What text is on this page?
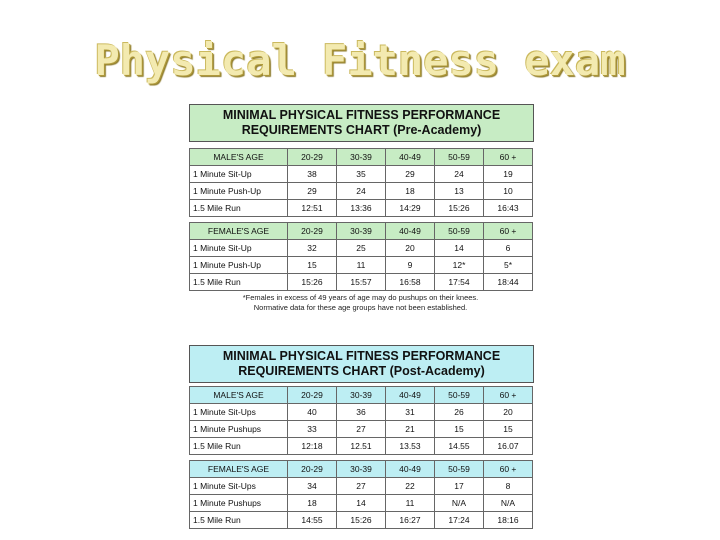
Physical Fitness exam
MINIMAL PHYSICAL FITNESS PERFORMANCE
REQUIREMENTS CHART (Pre-Academy)
MALE'S AGE	20-29	30-39	40-49	50-59	60 +
1 Minute Sit-Up	38	35	29	24	19
1 Minute Push-Up	29	24	18	13	10
1.5 Mile Run	12:51	13:36	14:29	15:26	16:43
FEMALE'S AGE	20-29	30-39	40-49	50-59	60 +
1 Minute Sit-Up	32	25	20	14	6
1 Minute Push-Up	15	11	9	12*	5*
1.5 Mile Run	15:26	15:57	16:58	17:54	18:44
*Females in excess of 49 years of age may do pushups on their knees.
Normative data for these age groups have not been established.
MINIMAL PHYSICAL FITNESS PERFORMANCE
REQUIREMENTS CHART (Post-Academy)
MALE'S AGE	20-29	30-39	40-49	50-59	60 +
1 Minute Sit-Ups	40	36	31	26	20
1 Minute Pushups	33	27	21	15	15
1.5 Mile Run	12:18	12.51	13.53	14.55	16.07
FEMALE'S AGE	20-29	30-39	40-49	50-59	60 +
1 Minute Sit-Ups	34	27	22	17	8
1 Minute Pushups	18	14	11	N/A	N/A
1.5 Mile Run	14:55	15:26	16:27	17:24	18:16
